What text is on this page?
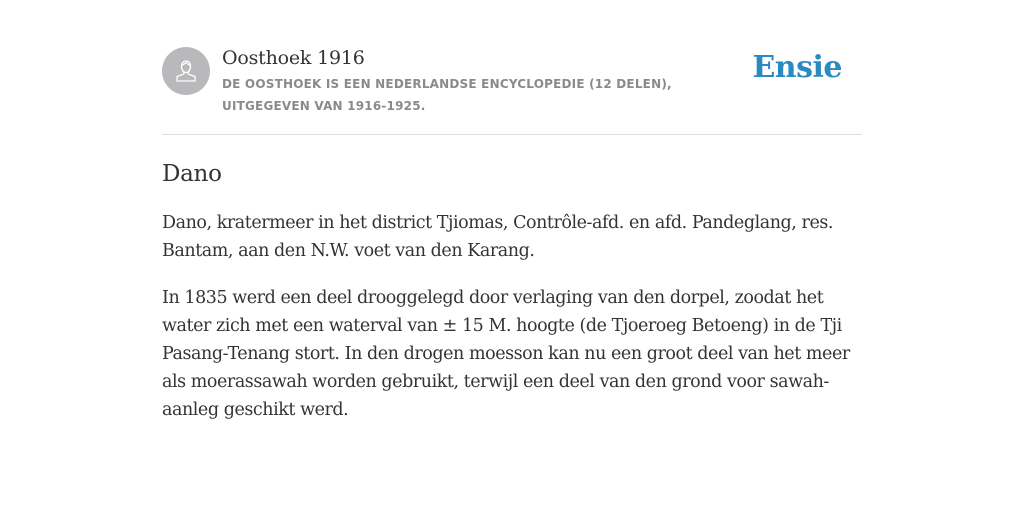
Oosthoek 1916
DE OOSTHOEK IS EEN NEDERLANDSE ENCYCLOPEDIE (12 DELEN), UITGEGEVEN VAN 1916-1925.
Ensie
Dano

Dano, kratermeer in het district Tjiomas, Contrôle-afd. en afd. Pandeglang, res. Bantam, aan den N.W. voet van den Karang.

In 1835 werd een deel drooggelegd door verlaging van den dorpel, zoodat het water zich met een waterval van ± 15 M. hoogte (de Tjoeroeg Betoeng) in de Tji Pasang-Tenang stort. In den drogen moesson kan nu een groot deel van het meer als moerassawah worden gebruikt, terwijl een deel van den grond voor sawah-aanleg geschikt werd.
